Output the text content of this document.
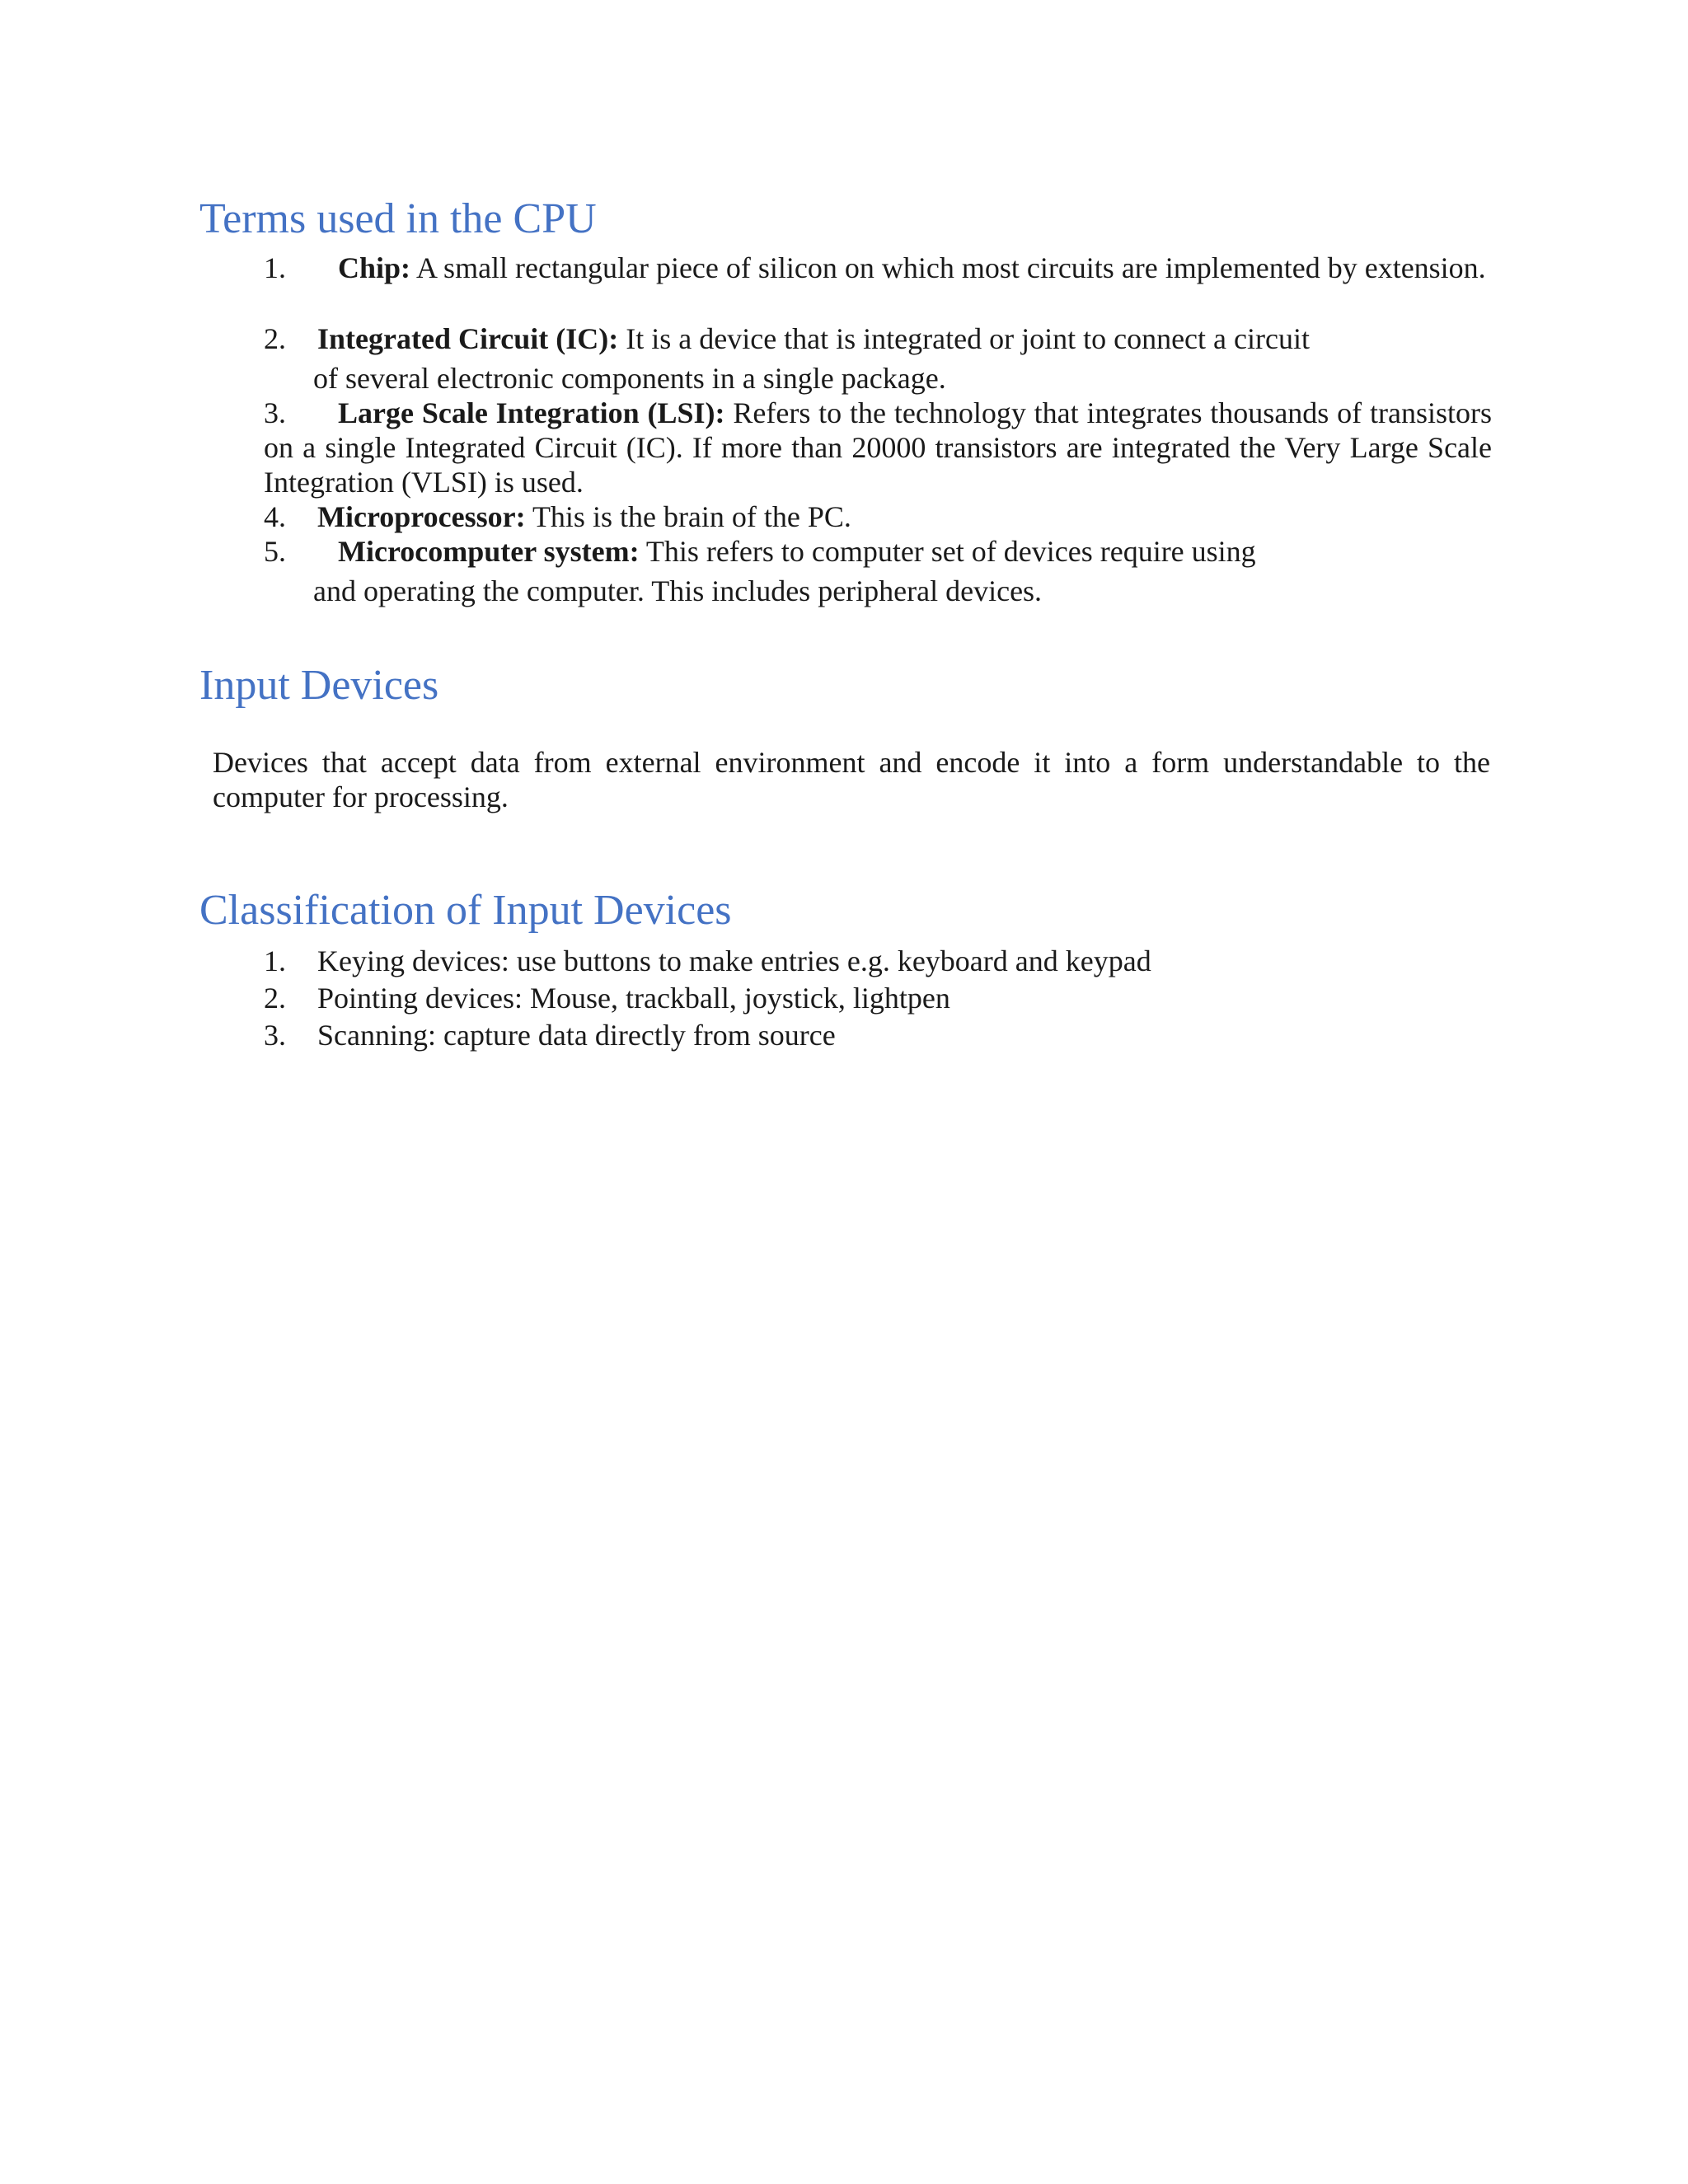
Terms used in the CPU
1. Chip: A small rectangular piece of silicon on which most circuits are implemented by extension.
2. Integrated Circuit (IC): It is a device that is integrated or joint to connect a circuit
of several electronic components in a single package.
3. Large Scale Integration (LSI): Refers to the technology that integrates thousands of transistors on a single Integrated Circuit (IC). If more than 20000 transistors are integrated the Very Large Scale Integration (VLSI) is used.
4. Microprocessor: This is the brain of the PC.
5. Microcomputer system: This refers to computer set of devices require using
and operating the computer. This includes peripheral devices.
Input Devices
Devices that accept data from external environment and encode it into a form understandable to the computer for processing.
Classification of Input Devices
1. Keying devices: use buttons to make entries e.g. keyboard and keypad
2. Pointing devices: Mouse, trackball, joystick, lightpen
3. Scanning: capture data directly from source
